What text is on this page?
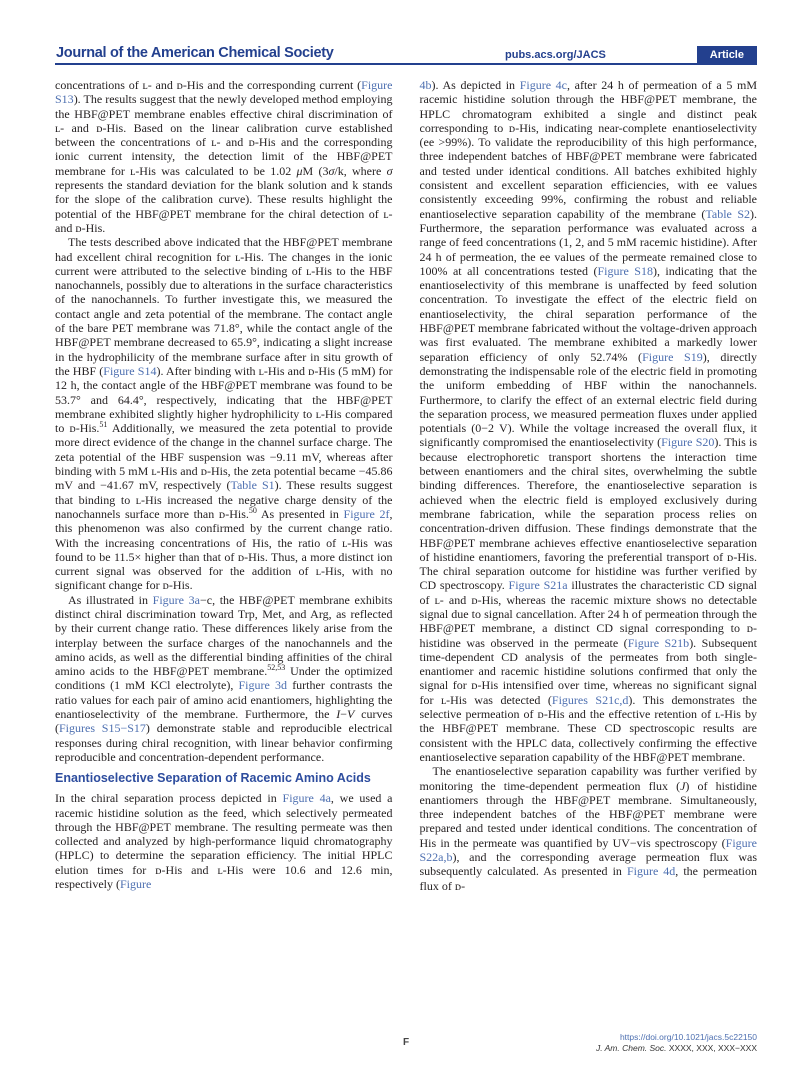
Journal of the American Chemical Society	pubs.acs.org/JACS	Article

concentrations of ʟ- and ᴅ-His and the corresponding current (Figure S13). The results suggest that the newly developed method employing the HBF@PET membrane enables effective chiral discrimination of ʟ- and ᴅ-His. Based on the linear calibration curve established between the concentrations of ʟ- and ᴅ-His and the corresponding ionic current intensity, the detection limit of the HBF@PET membrane for ʟ-His was calculated to be 1.02 μM (3σ/k, where σ represents the standard deviation for the blank solution and k stands for the slope of the calibration curve). These results highlight the potential of the HBF@PET membrane for the chiral detection of ʟ- and ᴅ-His.

The tests described above indicated that the HBF@PET membrane had excellent chiral recognition for ʟ-His. The changes in the ionic current were attributed to the selective binding of ʟ-His to the HBF nanochannels, possibly due to alterations in the surface characteristics of the nanochannels. To further investigate this, we measured the contact angle and zeta potential of the membrane. The contact angle of the bare PET membrane was 71.8°, while the contact angle of the HBF@PET membrane decreased to 65.9°, indicating a slight increase in the hydrophilicity of the membrane surface after in situ growth of the HBF (Figure S14). After binding with ʟ-His and ᴅ-His (5 mM) for 12 h, the contact angle of the HBF@PET membrane was found to be 53.7° and 64.4°, respectively, indicating that the HBF@PET membrane exhibited slightly higher hydrophilicity to ʟ-His compared to ᴅ-His.$^{51}$ Additionally, we measured the zeta potential to provide more direct evidence of the change in the channel surface charge. The zeta potential of the HBF suspension was −9.11 mV, whereas after binding with 5 mM ʟ-His and ᴅ-His, the zeta potential became −45.86 mV and −41.67 mV, respectively (Table S1). These results suggest that binding to ʟ-His increased the negative charge density of the nanochannels surface more than ᴅ-His.$^{50}$ As presented in Figure 2f, this phenomenon was also confirmed by the current change ratio. With the increasing concentrations of His, the ratio of ʟ-His was found to be 11.5× higher than that of ᴅ-His. Thus, a more distinct ion current signal was observed for the addition of ʟ-His, with no significant change for ᴅ-His.

As illustrated in Figure 3a−c, the HBF@PET membrane exhibits distinct chiral discrimination toward Trp, Met, and Arg, as reflected by their current change ratio. These differences likely arise from the interplay between the surface charges of the nanochannels and the amino acids, as well as the differential binding affinities of the chiral amino acids to the HBF@PET membrane.$^{52,53}$ Under the optimized conditions (1 mM KCl electrolyte), Figure 3d further contrasts the ratio values for each pair of amino acid enantiomers, highlighting the enantioselectivity of the membrane. Furthermore, the I−V curves (Figures S15−S17) demonstrate stable and reproducible electrical responses during chiral recognition, with linear behavior confirming reproducible and concentration-dependent performance.

Enantioselective Separation of Racemic Amino Acids

In the chiral separation process depicted in Figure 4a, we used a racemic histidine solution as the feed, which selectively permeated through the HBF@PET membrane. The resulting permeate was then collected and analyzed by high-performance liquid chromatography (HPLC) to determine the separation efficiency. The initial HPLC elution times for ᴅ-His and ʟ-His were 10.6 and 12.6 min, respectively (Figure

4b). As depicted in Figure 4c, after 24 h of permeation of a 5 mM racemic histidine solution through the HBF@PET membrane, the HPLC chromatogram exhibited a single and distinct peak corresponding to ᴅ-His, indicating near-complete enantioselectivity (ee >99%). To validate the reproducibility of this high performance, three independent batches of HBF@PET membrane were fabricated and tested under identical conditions. All batches exhibited highly consistent and excellent separation efficiencies, with ee values consistently exceeding 99%, confirming the robust and reliable enantioselective separation capability of the membrane (Table S2). Furthermore, the separation performance was evaluated across a range of feed concentrations (1, 2, and 5 mM racemic histidine). After 24 h of permeation, the ee values of the permeate remained close to 100% at all concentrations tested (Figure S18), indicating that the enantioselectivity of this membrane is unaffected by feed solution concentration. To investigate the effect of the electric field on enantioselectivity, the chiral separation performance of the HBF@PET membrane fabricated without the voltage-driven approach was first evaluated. The membrane exhibited a markedly lower separation efficiency of only 52.74% (Figure S19), directly demonstrating the indispensable role of the electric field in promoting the uniform embedding of HBF within the nanochannels. Furthermore, to clarify the effect of an external electric field during the separation process, we measured permeation fluxes under applied potentials (0−2 V). While the voltage increased the overall flux, it significantly compromised the enantioselectivity (Figure S20). This is because electrophoretic transport shortens the interaction time between enantiomers and the chiral sites, overwhelming the subtle binding differences. Therefore, the enantioselective separation is achieved when the electric field is employed exclusively during membrane fabrication, while the separation process relies on concentration-driven diffusion. These findings demonstrate that the HBF@PET membrane achieves effective enantioselective separation of histidine enantiomers, favoring the preferential transport of ᴅ-His. The chiral separation outcome for histidine was further verified by CD spectroscopy. Figure S21a illustrates the characteristic CD signal of ʟ- and ᴅ-His, whereas the racemic mixture shows no detectable signal due to signal cancellation. After 24 h of permeation through the HBF@PET membrane, a distinct CD signal corresponding to ᴅ-histidine was observed in the permeate (Figure S21b). Subsequent time-dependent CD analysis of the permeates from both single-enantiomer and racemic histidine solutions confirmed that only the signal for ᴅ-His intensified over time, whereas no significant signal for ʟ-His was detected (Figures S21c,d). This demonstrates the selective permeation of ᴅ-His and the effective retention of ʟ-His by the HBF@PET membrane. These CD spectroscopic results are consistent with the HPLC data, collectively confirming the effective enantioselective separation capability of the HBF@PET membrane.

The enantioselective separation capability was further verified by monitoring the time-dependent permeation flux (J) of histidine enantiomers through the HBF@PET membrane. Simultaneously, three independent batches of the HBF@PET membrane were prepared and tested under identical conditions. The concentration of His in the permeate was quantified by UV−vis spectroscopy (Figure S22a,b), and the corresponding average permeation flux was subsequently calculated. As presented in Figure 4d, the permeation flux of ᴅ-

F	https://doi.org/10.1021/jacs.5c22150
J. Am. Chem. Soc. XXXX, XXX, XXX−XXX
